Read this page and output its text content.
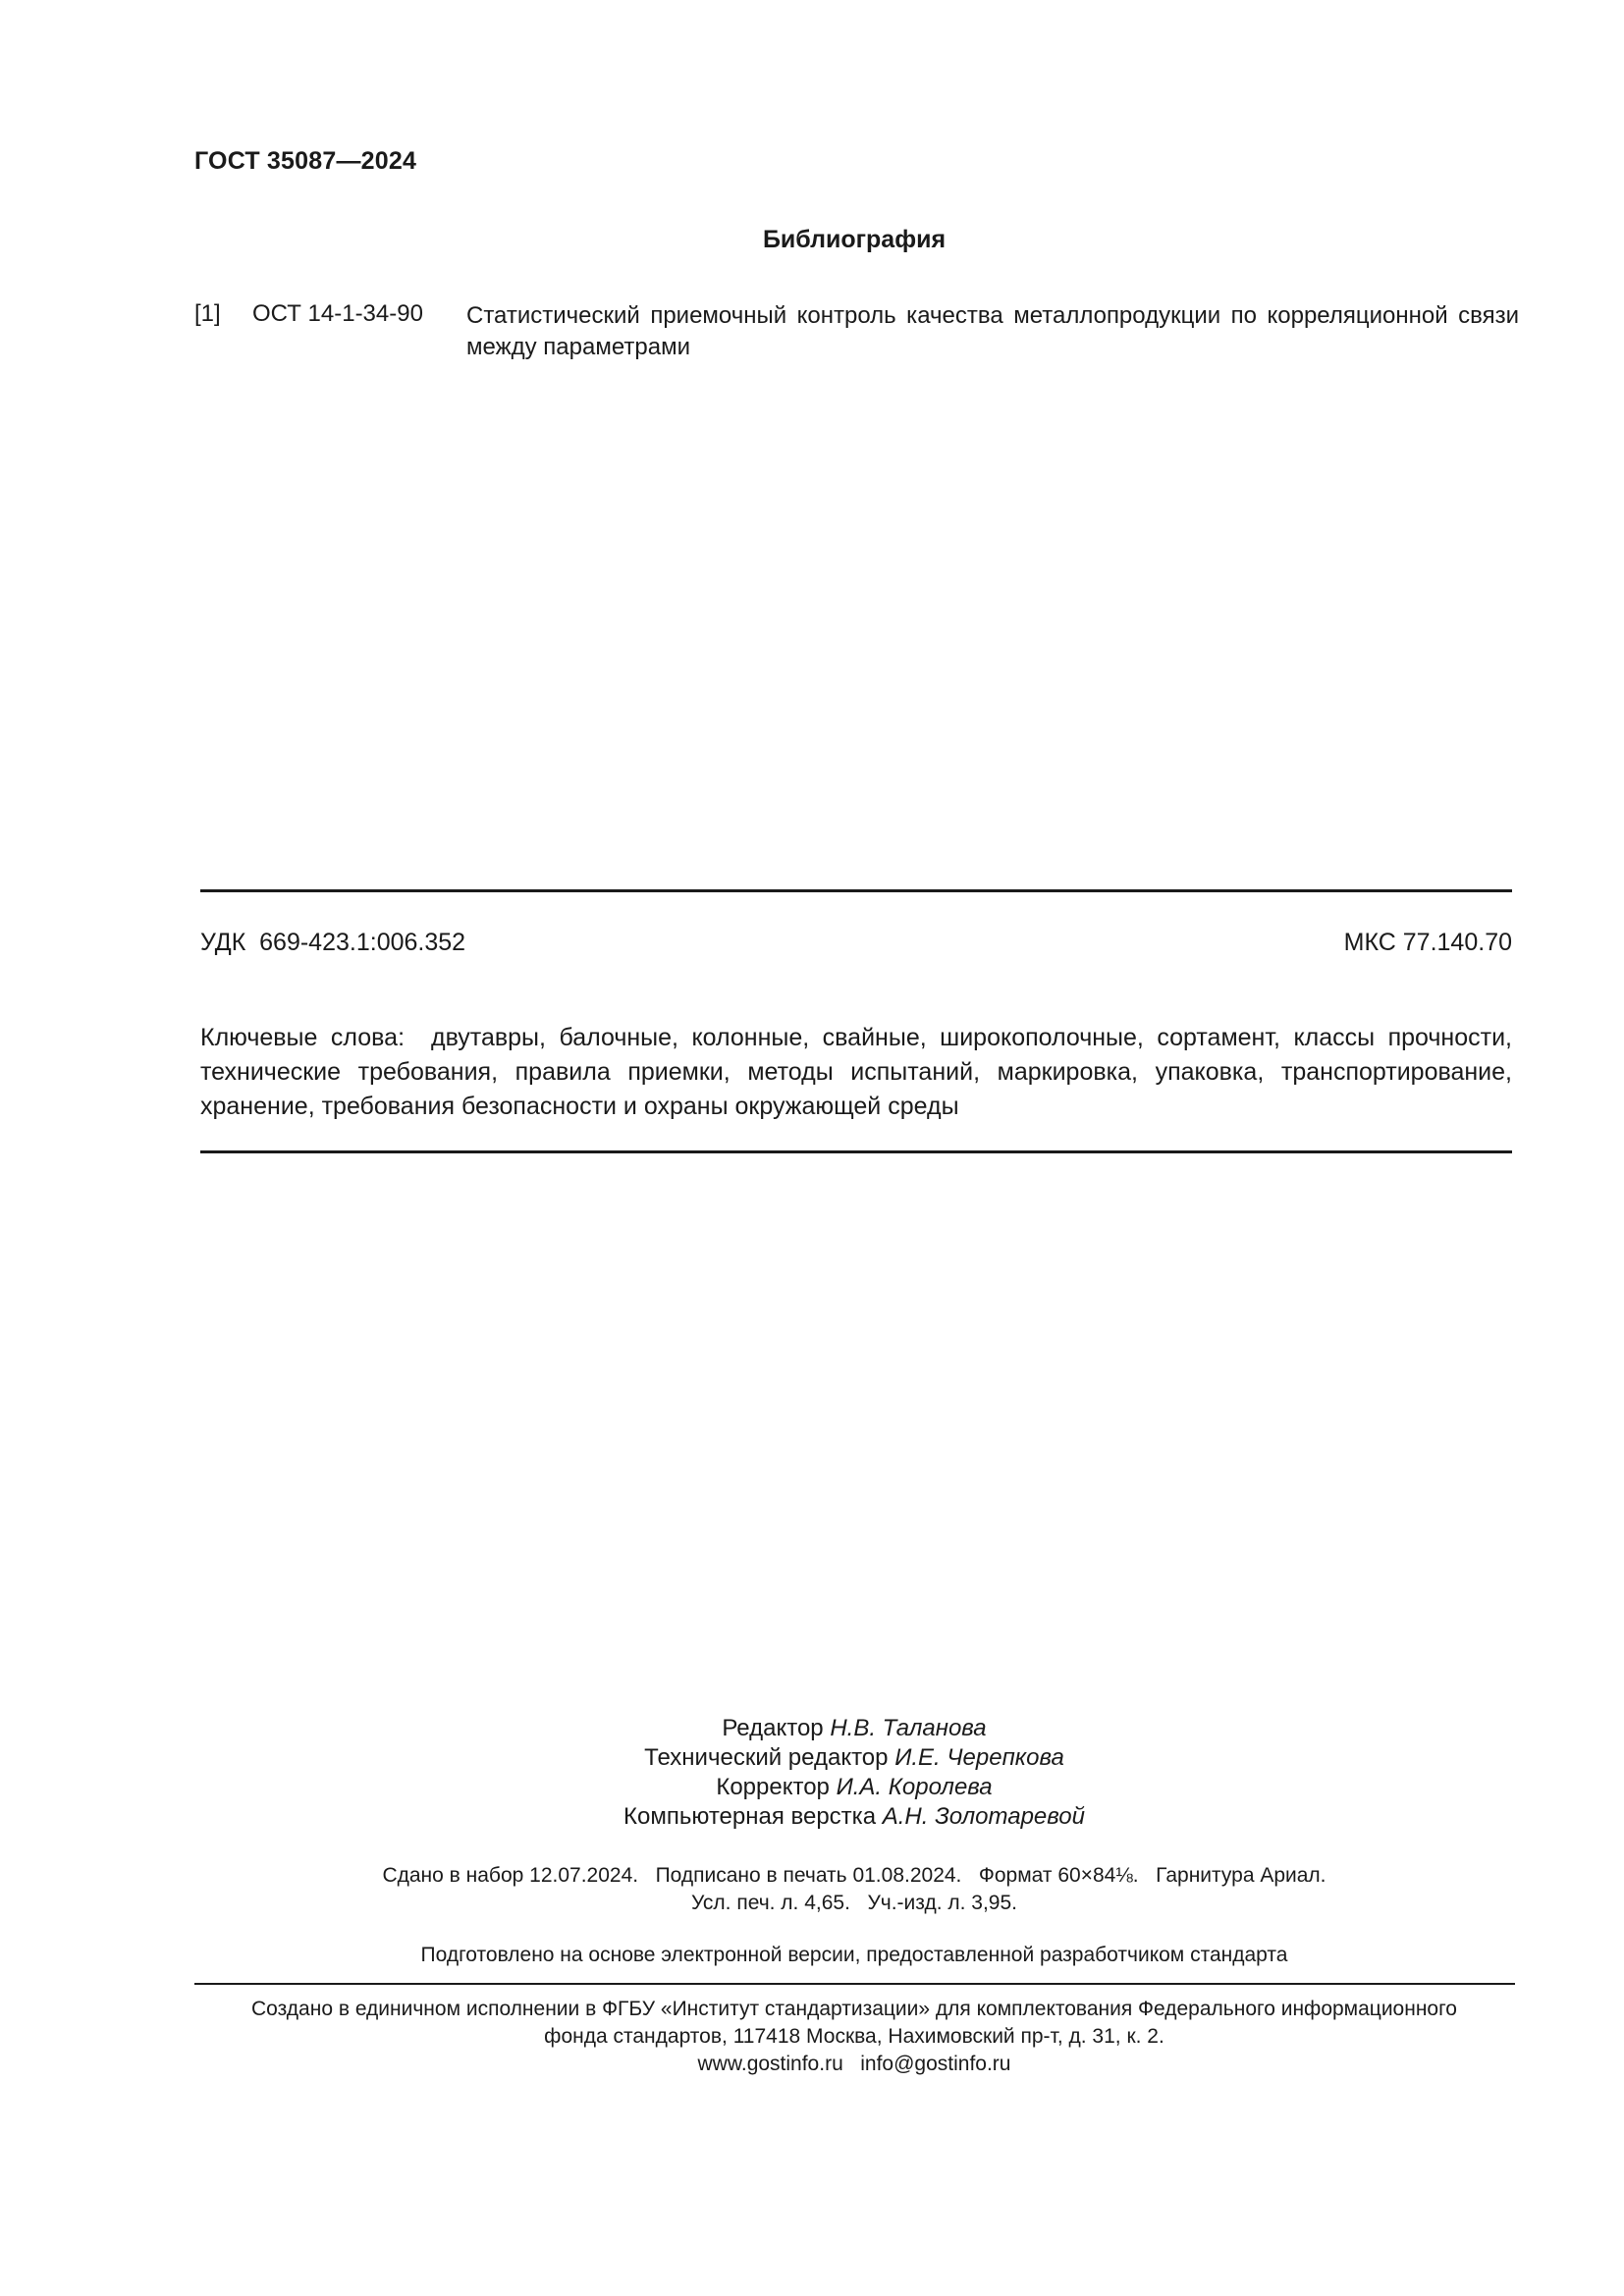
ГОСТ 35087—2024
Библиография
[1] ОСТ 14-1-34-90 Статистический приемочный контроль качества металлопродукции по корреляционной связи между параметрами
УДК  669-423.1:006.352	МКС 77.140.70
Ключевые слова: двутавры, балочные, колонные, свайные, широкополочные, сортамент, классы прочности, технические требования, правила приемки, методы испытаний, маркировка, упаковка, транспортирование, хранение, требования безопасности и охраны окружающей среды
Редактор Н.В. Таланова
Технический редактор И.Е. Черепкова
Корректор И.А. Королева
Компьютерная верстка А.Н. Золотаревой
Сдано в набор 12.07.2024.   Подписано в печать 01.08.2024.   Формат 60×84⅛.   Гарнитура Ариал.
Усл. печ. л. 4,65.   Уч.-изд. л. 3,95.
Подготовлено на основе электронной версии, предоставленной разработчиком стандарта
Создано в единичном исполнении в ФГБУ «Институт стандартизации» для комплектования Федерального информационного
фонда стандартов, 117418 Москва, Нахимовский пр-т, д. 31, к. 2.
www.gostinfo.ru   info@gostinfo.ru
